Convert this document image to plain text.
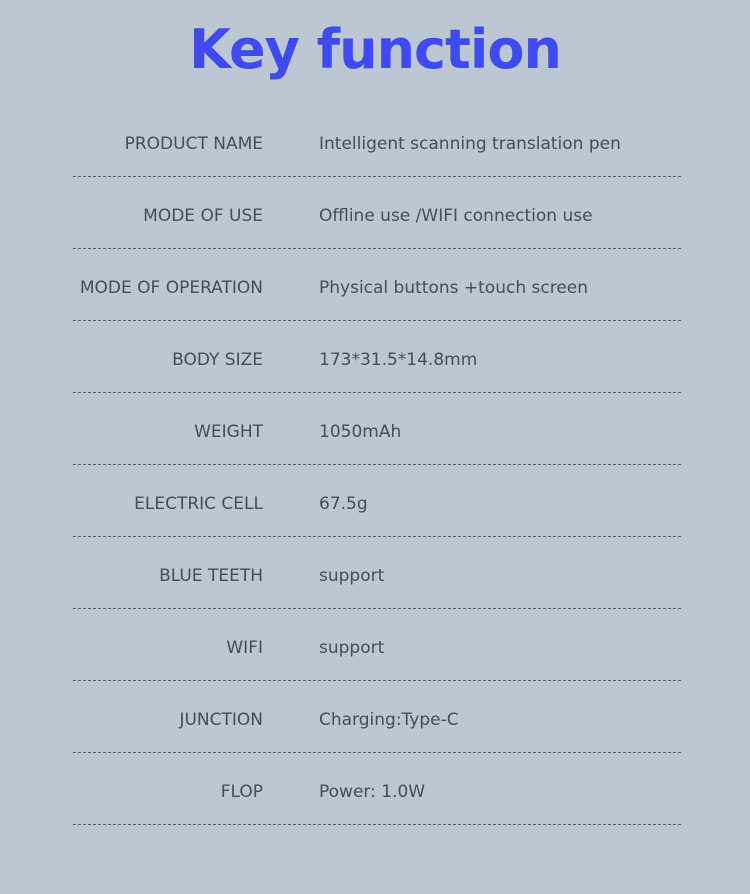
Key function
PRODUCT NAME	Intelligent scanning translation pen
MODE OF USE	Offline use /WIFI connection use
MODE OF OPERATION	Physical buttons +touch screen
BODY SIZE	173*31.5*14.8mm
WEIGHT	1050mAh
ELECTRIC CELL	67.5g
BLUE TEETH	support
WIFI	support
JUNCTION	Charging:Type-C
FLOP	Power: 1.0W
